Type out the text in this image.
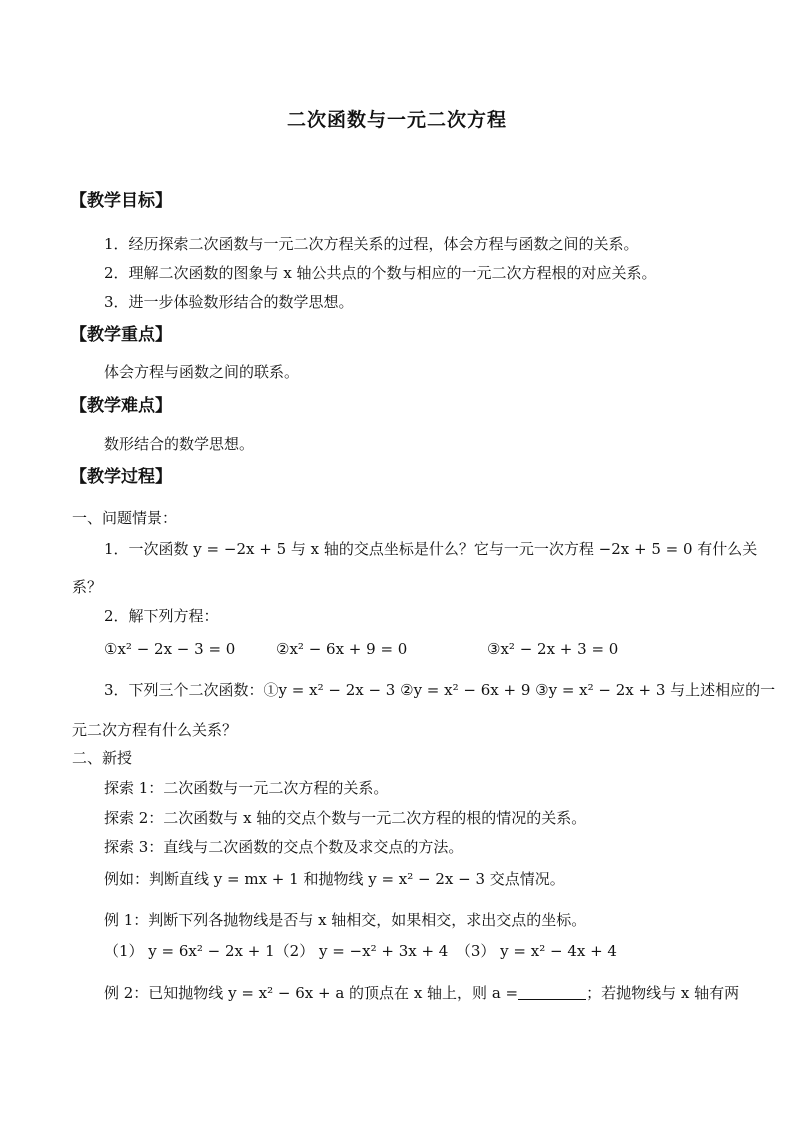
二次函数与一元二次方程
【教学目标】
1．经历探索二次函数与一元二次方程关系的过程，体会方程与函数之间的关系。
2．理解二次函数的图象与 x 轴公共点的个数与相应的一元二次方程根的对应关系。
3．进一步体验数形结合的数学思想。
【教学重点】
体会方程与函数之间的联系。
【教学难点】
数形结合的数学思想。
【教学过程】
一、问题情景：
1．一次函数 y = −2x + 5 与 x 轴的交点坐标是什么？它与一元一次方程 −2x + 5 = 0 有什么关
系？
2．解下列方程：
①x² − 2x − 3 = 0	②x² − 6x + 9 = 0	③x² − 2x + 3 = 0
3．下列三个二次函数：①y = x² − 2x − 3 ②y = x² − 6x + 9 ③y = x² − 2x + 3 与上述相应的一
元二次方程有什么关系？
二、新授
探索 1：二次函数与一元二次方程的关系。
探索 2：二次函数与 x 轴的交点个数与一元二次方程的根的情况的关系。
探索 3：直线与二次函数的交点个数及求交点的方法。
例如：判断直线 y = mx + 1 和抛物线 y = x² − 2x − 3 交点情况。
例 1：判断下列各抛物线是否与 x 轴相交，如果相交，求出交点的坐标。
（1） y = 6x² − 2x + 1（2） y = −x² + 3x + 4　（3） y = x² − 4x + 4
例 2：已知抛物线 y = x² − 6x + a 的顶点在 x 轴上，则 a =	；若抛物线与 x 轴有两
